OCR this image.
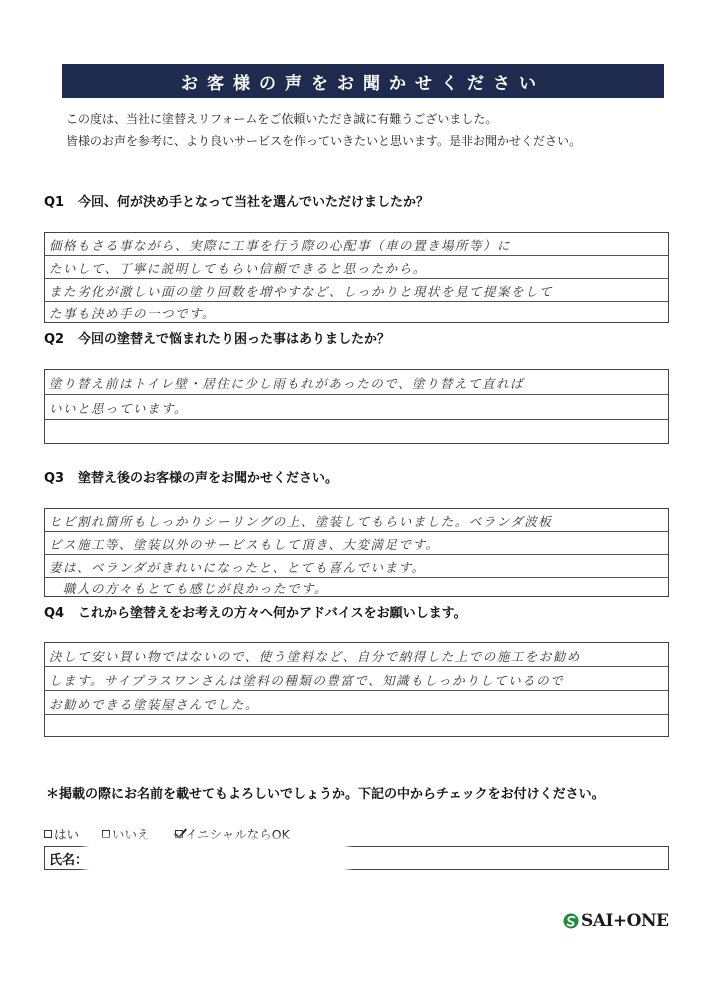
お客様の声をお聞かせください
この度は、当社に塗替えリフォームをご依頼いただき誠に有難うございました。
皆様のお声を参考に、より良いサービスを作っていきたいと思います。是非お聞かせください。
Q1 今回、何が決め手となって当社を選んでいただけましたか？
価格もさる事ながら、実際に工事を行う際の心配事（車の置き場所等）に
たいして、丁寧に説明してもらい信頼できると思ったから。
また劣化が激しい面の塗り回数を増やすなど、しっかりと現状を見て提案をして
た事も決め手の一つです。
Q2 今回の塗替えで悩まれたり困った事はありましたか？
塗り替え前はトイレ壁・居住に少し雨もれがあったので、塗り替えて直れば
いいと思っています。
Q3 塗替え後のお客様の声をお聞かせください。
ヒビ割れ箇所もしっかりシーリングの上、塗装してもらいました。ベランダ波板
ビス施工等、塗装以外のサービスもして頂き、大変満足です。
妻は、ベランダがきれいになったと、とても喜んでいます。
職人の方々もとても感じが良かったです。
Q4 これから塗替えをお考えの方々へ何かアドバイスをお願いします。
決して安い買い物ではないので、使う塗料など、自分で納得した上での施工をお勧め
します。サイプラスワンさんは塗料の種類の豊富で、知識もしっかりしているので
お勧めできる塗装屋さんでした。
＊掲載の際にお名前を載せてもよろしいでしょうか。下記の中からチェックをお付けください。
はい	いいえ	イニシャルならOK
氏名：
SAI+ONE
